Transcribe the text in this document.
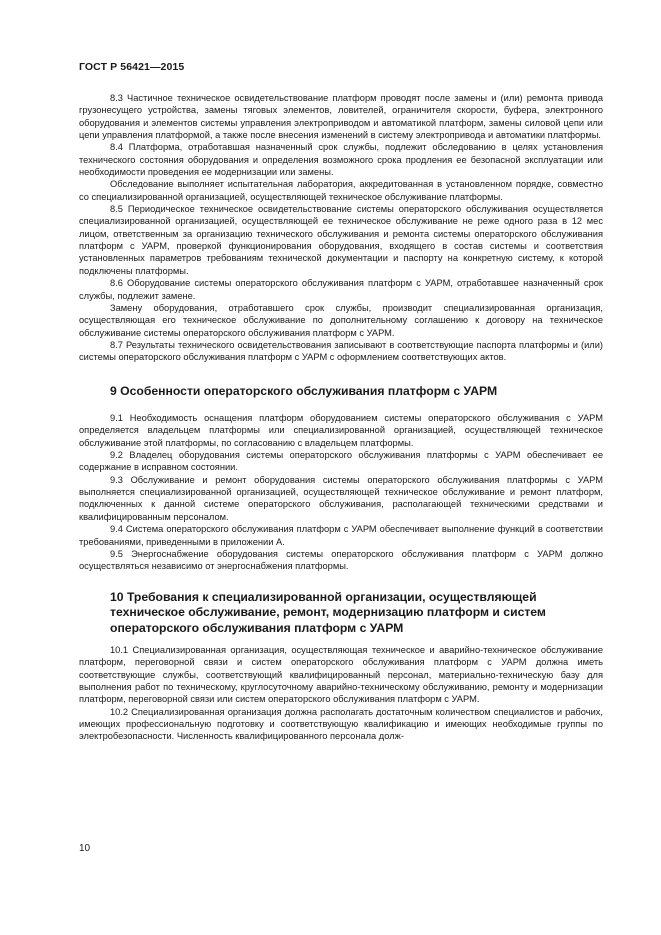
ГОСТ Р 56421—2015

8.3 Частичное техническое освидетельствование платформ проводят после замены и (или) ремонта привода грузонесущего устройства, замены тяговых элементов, ловителей, ограничителя скорости, буфера, электронного оборудования и элементов системы управления электроприводом и автоматикой платформ, замены силовой цепи или цепи управления платформой, а также после внесения изменений в систему электропривода и автоматики платформы.

8.4 Платформа, отработавшая назначенный срок службы, подлежит обследованию в целях установления технического состояния оборудования и определения возможного срока продления ее безопасной эксплуатации или необходимости проведения ее модернизации или замены.

Обследование выполняет испытательная лаборатория, аккредитованная в установленном порядке, совместно со специализированной организацией, осуществляющей техническое обслуживание платформы.

8.5 Периодическое техническое освидетельствование системы операторского обслуживания осуществляется специализированной организацией, осуществляющей ее техническое обслуживание не реже одного раза в 12 мес лицом, ответственным за организацию технического обслуживания и ремонта системы операторского обслуживания платформ с УАРМ, проверкой функционирования оборудования, входящего в состав системы и соответствия установленных параметров требованиям технической документации и паспорту на конкретную систему, к которой подключены платформы.

8.6 Оборудование системы операторского обслуживания платформ с УАРМ, отработавшее назначенный срок службы, подлежит замене.

Замену оборудования, отработавшего срок службы, производит специализированная организация, осуществляющая его техническое обслуживание по дополнительному соглашению к договору на техническое обслуживание системы операторского обслуживания платформ с УАРМ.

8.7 Результаты технического освидетельствования записывают в соответствующие паспорта платформы и (или) системы операторского обслуживания платформ с УАРМ с оформлением соответствующих актов.

9 Особенности операторского обслуживания платформ с УАРМ

9.1 Необходимость оснащения платформ оборудованием системы операторского обслуживания с УАРМ определяется владельцем платформы или специализированной организацией, осуществляющей техническое обслуживание этой платформы, по согласованию с владельцем платформы.

9.2 Владелец оборудования системы операторского обслуживания платформы с УАРМ обеспечивает ее содержание в исправном состоянии.

9.3 Обслуживание и ремонт оборудования системы операторского обслуживания платформы с УАРМ выполняется специализированной организацией, осуществляющей техническое обслуживание и ремонт платформ, подключенных к данной системе операторского обслуживания, располагающей техническими средствами и квалифицированным персоналом.

9.4 Система операторского обслуживания платформ с УАРМ обеспечивает выполнение функций в соответствии требованиями, приведенными в приложении А.

9.5 Энергоснабжение оборудования системы операторского обслуживания платформ с УАРМ должно осуществляться независимо от энергоснабжения платформы.

10 Требования к специализированной организации, осуществляющей техническое обслуживание, ремонт, модернизацию платформ и систем операторского обслуживания платформ с УАРМ

10.1 Специализированная организация, осуществляющая техническое и аварийно-техническое обслуживание платформ, переговорной связи и систем операторского обслуживания платформ с УАРМ должна иметь соответствующие службы, соответствующий квалифицированный персонал, материально-техническую базу для выполнения работ по техническому, круглосуточному аварийно-техническому обслуживанию, ремонту и модернизации платформ, переговорной связи или систем операторского обслуживания платформ с УАРМ.

10.2 Специализированная организация должна располагать достаточным количеством специалистов и рабочих, имеющих профессиональную подготовку и соответствующую квалификацию и имеющих необходимые группы по электробезопасности. Численность квалифицированного персонала долж-

10
